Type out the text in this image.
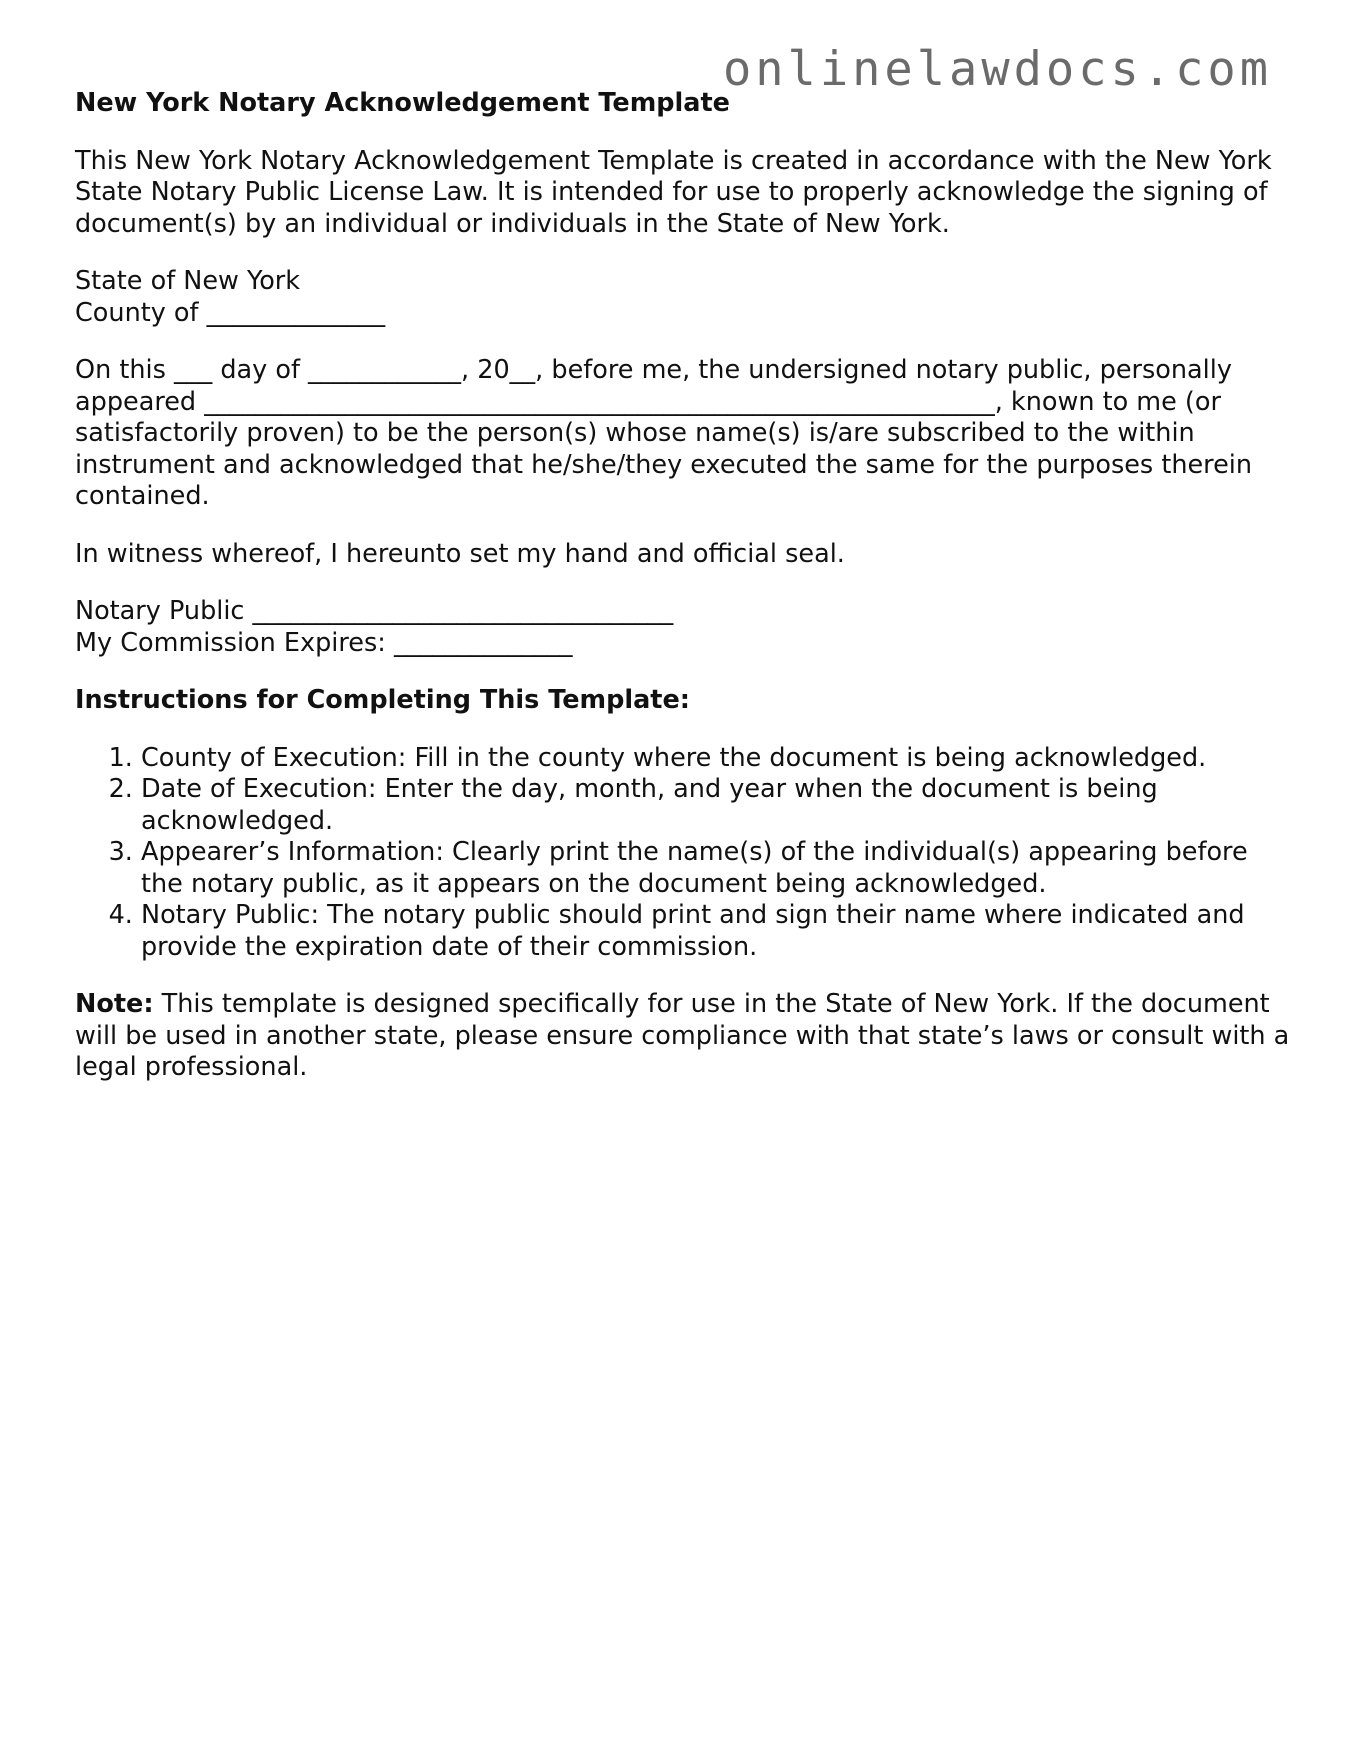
onlinelawdocs.com
New York Notary Acknowledgement Template

This New York Notary Acknowledgement Template is created in accordance with the New York State Notary Public License Law. It is intended for use to properly acknowledge the signing of document(s) by an individual or individuals in the State of New York.

State of New York
County of ______________

On this ___ day of ____________, 20__, before me, the undersigned notary public, personally appeared ______________________________________________________________, known to me (or satisfactorily proven) to be the person(s) whose name(s) is/are subscribed to the within instrument and acknowledged that he/she/they executed the same for the purposes therein contained.

In witness whereof, I hereunto set my hand and official seal.

Notary Public _________________________________
My Commission Expires: ______________

Instructions for Completing This Template:
1. County of Execution: Fill in the county where the document is being acknowledged.
2. Date of Execution: Enter the day, month, and year when the document is being acknowledged.
3. Appearer’s Information: Clearly print the name(s) of the individual(s) appearing before the notary public, as it appears on the document being acknowledged.
4. Notary Public: The notary public should print and sign their name where indicated and provide the expiration date of their commission.

Note: This template is designed specifically for use in the State of New York. If the document will be used in another state, please ensure compliance with that state’s laws or consult with a legal professional.
